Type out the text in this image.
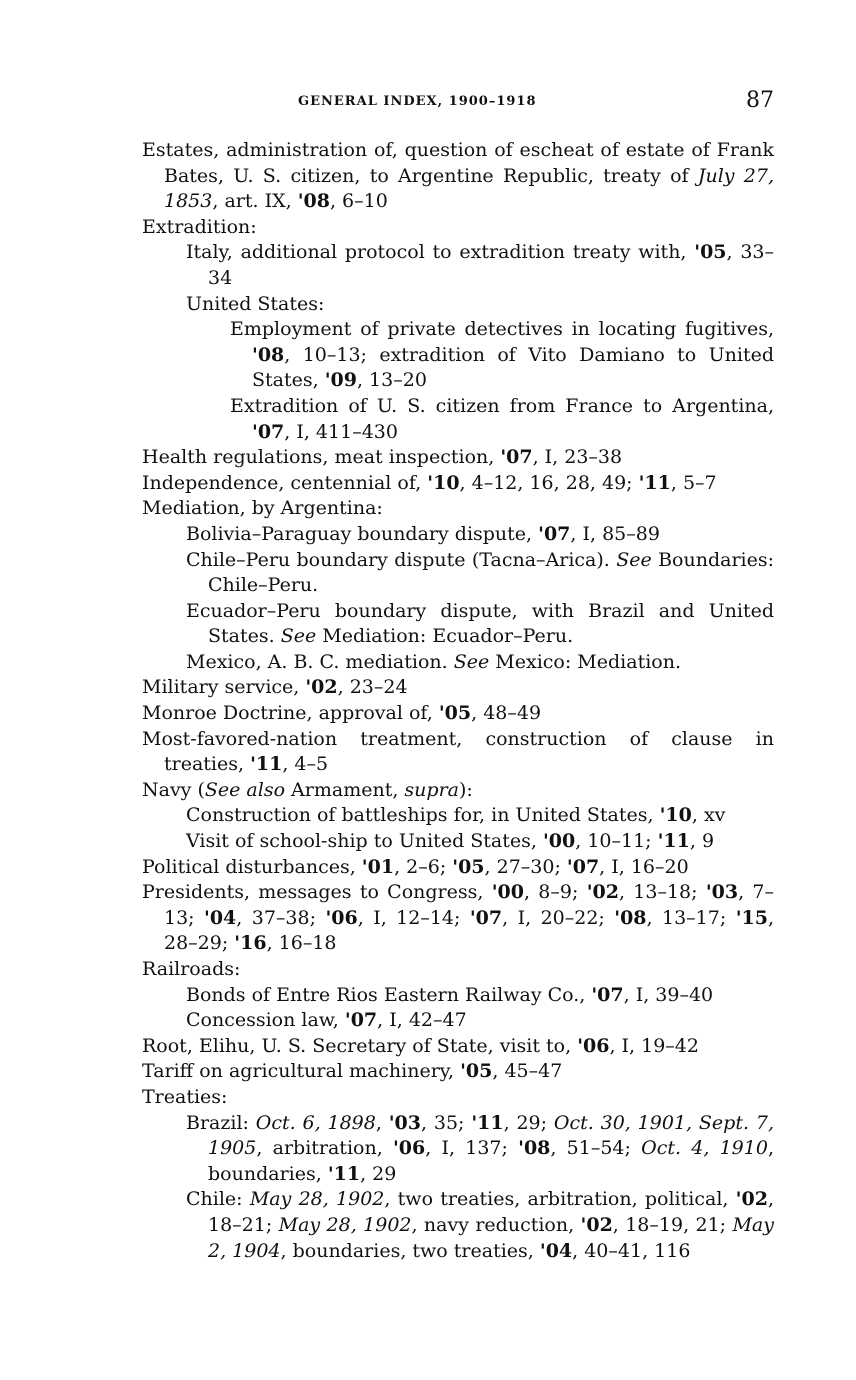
GENERAL INDEX, 1900–1918	87
Estates, administration of, question of escheat of estate of Frank Bates, U. S. citizen, to Argentine Republic, treaty of July 27, 1853, art. IX, '08, 6–10
Extradition:
Italy, additional protocol to extradition treaty with, '05, 33–34
United States:
Employment of private detectives in locating fugitives, '08, 10–13; extradition of Vito Damiano to United States, '09, 13–20
Extradition of U. S. citizen from France to Argentina, '07, I, 411–430
Health regulations, meat inspection, '07, I, 23–38
Independence, centennial of, '10, 4–12, 16, 28, 49; '11, 5–7
Mediation, by Argentina:
Bolivia–Paraguay boundary dispute, '07, I, 85–89
Chile–Peru boundary dispute (Tacna–Arica). See Boundaries: Chile–Peru.
Ecuador–Peru boundary dispute, with Brazil and United States. See Mediation: Ecuador–Peru.
Mexico, A. B. C. mediation. See Mexico: Mediation.
Military service, '02, 23–24
Monroe Doctrine, approval of, '05, 48–49
Most-favored-nation treatment, construction of clause in treaties, '11, 4–5
Navy (See also Armament, supra):
Construction of battleships for, in United States, '10, xv
Visit of school-ship to United States, '00, 10–11; '11, 9
Political disturbances, '01, 2–6; '05, 27–30; '07, I, 16–20
Presidents, messages to Congress, '00, 8–9; '02, 13–18; '03, 7–13; '04, 37–38; '06, I, 12–14; '07, I, 20–22; '08, 13–17; '15, 28–29; '16, 16–18
Railroads:
Bonds of Entre Rios Eastern Railway Co., '07, I, 39–40
Concession law, '07, I, 42–47
Root, Elihu, U. S. Secretary of State, visit to, '06, I, 19–42
Tariff on agricultural machinery, '05, 45–47
Treaties:
Brazil: Oct. 6, 1898, '03, 35; '11, 29; Oct. 30, 1901, Sept. 7, 1905, arbitration, '06, I, 137; '08, 51–54; Oct. 4, 1910, boundaries, '11, 29
Chile: May 28, 1902, two treaties, arbitration, political, '02, 18–21; May 28, 1902, navy reduction, '02, 18–19, 21; May 2, 1904, boundaries, two treaties, '04, 40–41, 116
